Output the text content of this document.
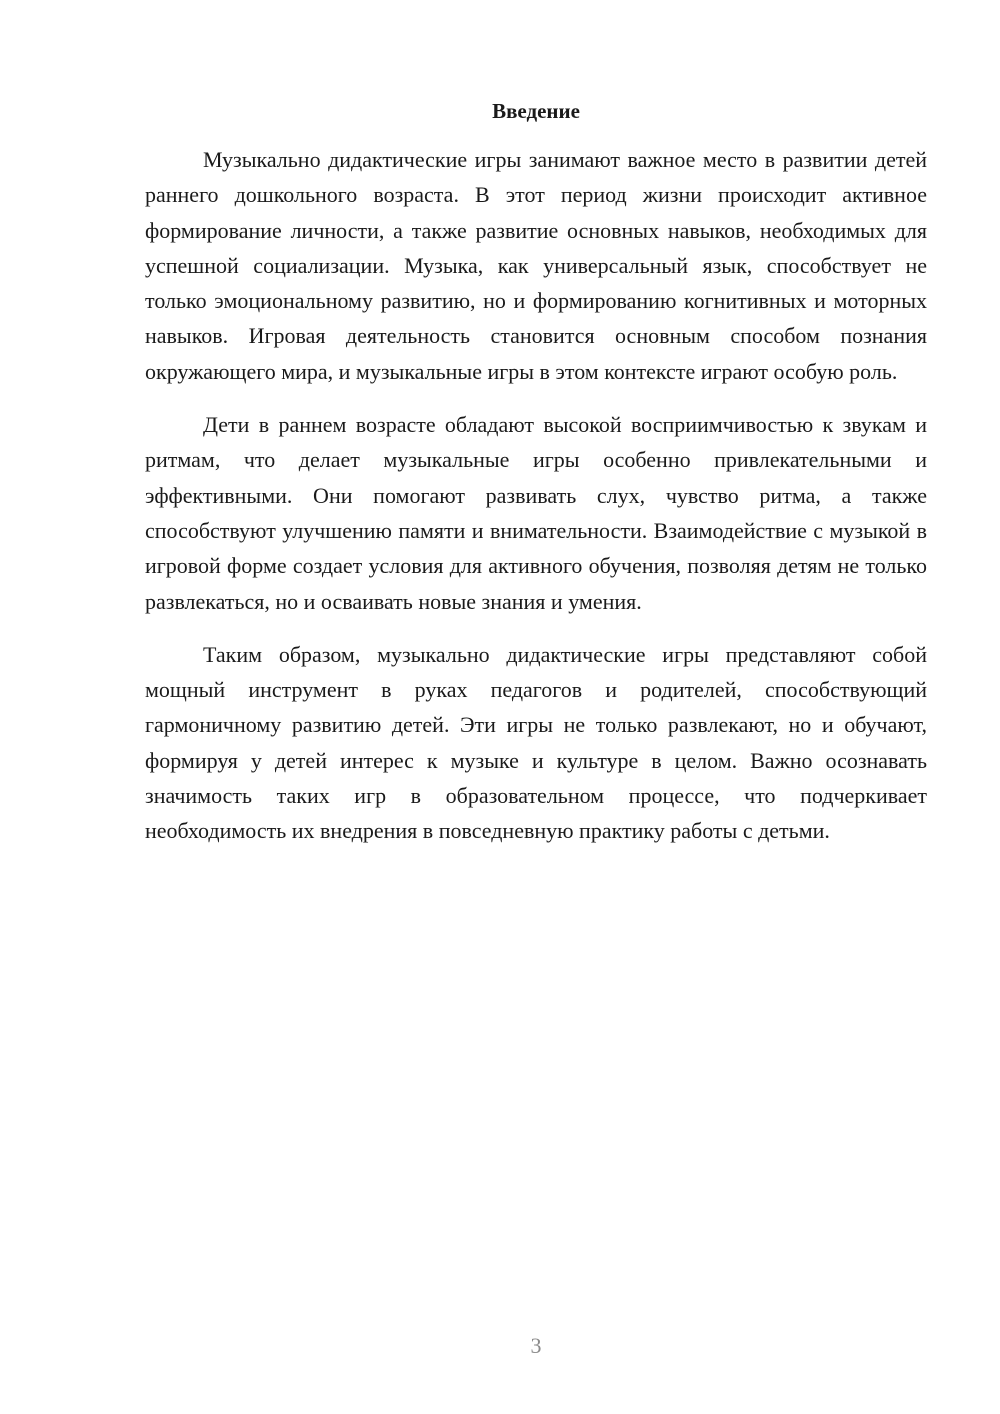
Введение

Музыкально дидактические игры занимают важное место в развитии детей раннего дошкольного возраста. В этот период жизни происходит активное формирование личности, а также развитие основных навыков, необходимых для успешной социализации. Музыка, как универсальный язык, способствует не только эмоциональному развитию, но и формированию когнитивных и моторных навыков. Игровая деятельность становится основным способом познания окружающего мира, и музыкальные игры в этом контексте играют особую роль.

Дети в раннем возрасте обладают высокой восприимчивостью к звукам и ритмам, что делает музыкальные игры особенно привлекательными и эффективными. Они помогают развивать слух, чувство ритма, а также способствуют улучшению памяти и внимательности. Взаимодействие с музыкой в игровой форме создает условия для активного обучения, позволяя детям не только развлекаться, но и осваивать новые знания и умения.

Таким образом, музыкально дидактические игры представляют собой мощный инструмент в руках педагогов и родителей, способствующий гармоничному развитию детей. Эти игры не только развлекают, но и обучают, формируя у детей интерес к музыке и культуре в целом. Важно осознавать значимость таких игр в образовательном процессе, что подчеркивает необходимость их внедрения в повседневную практику работы с детьми.

3
